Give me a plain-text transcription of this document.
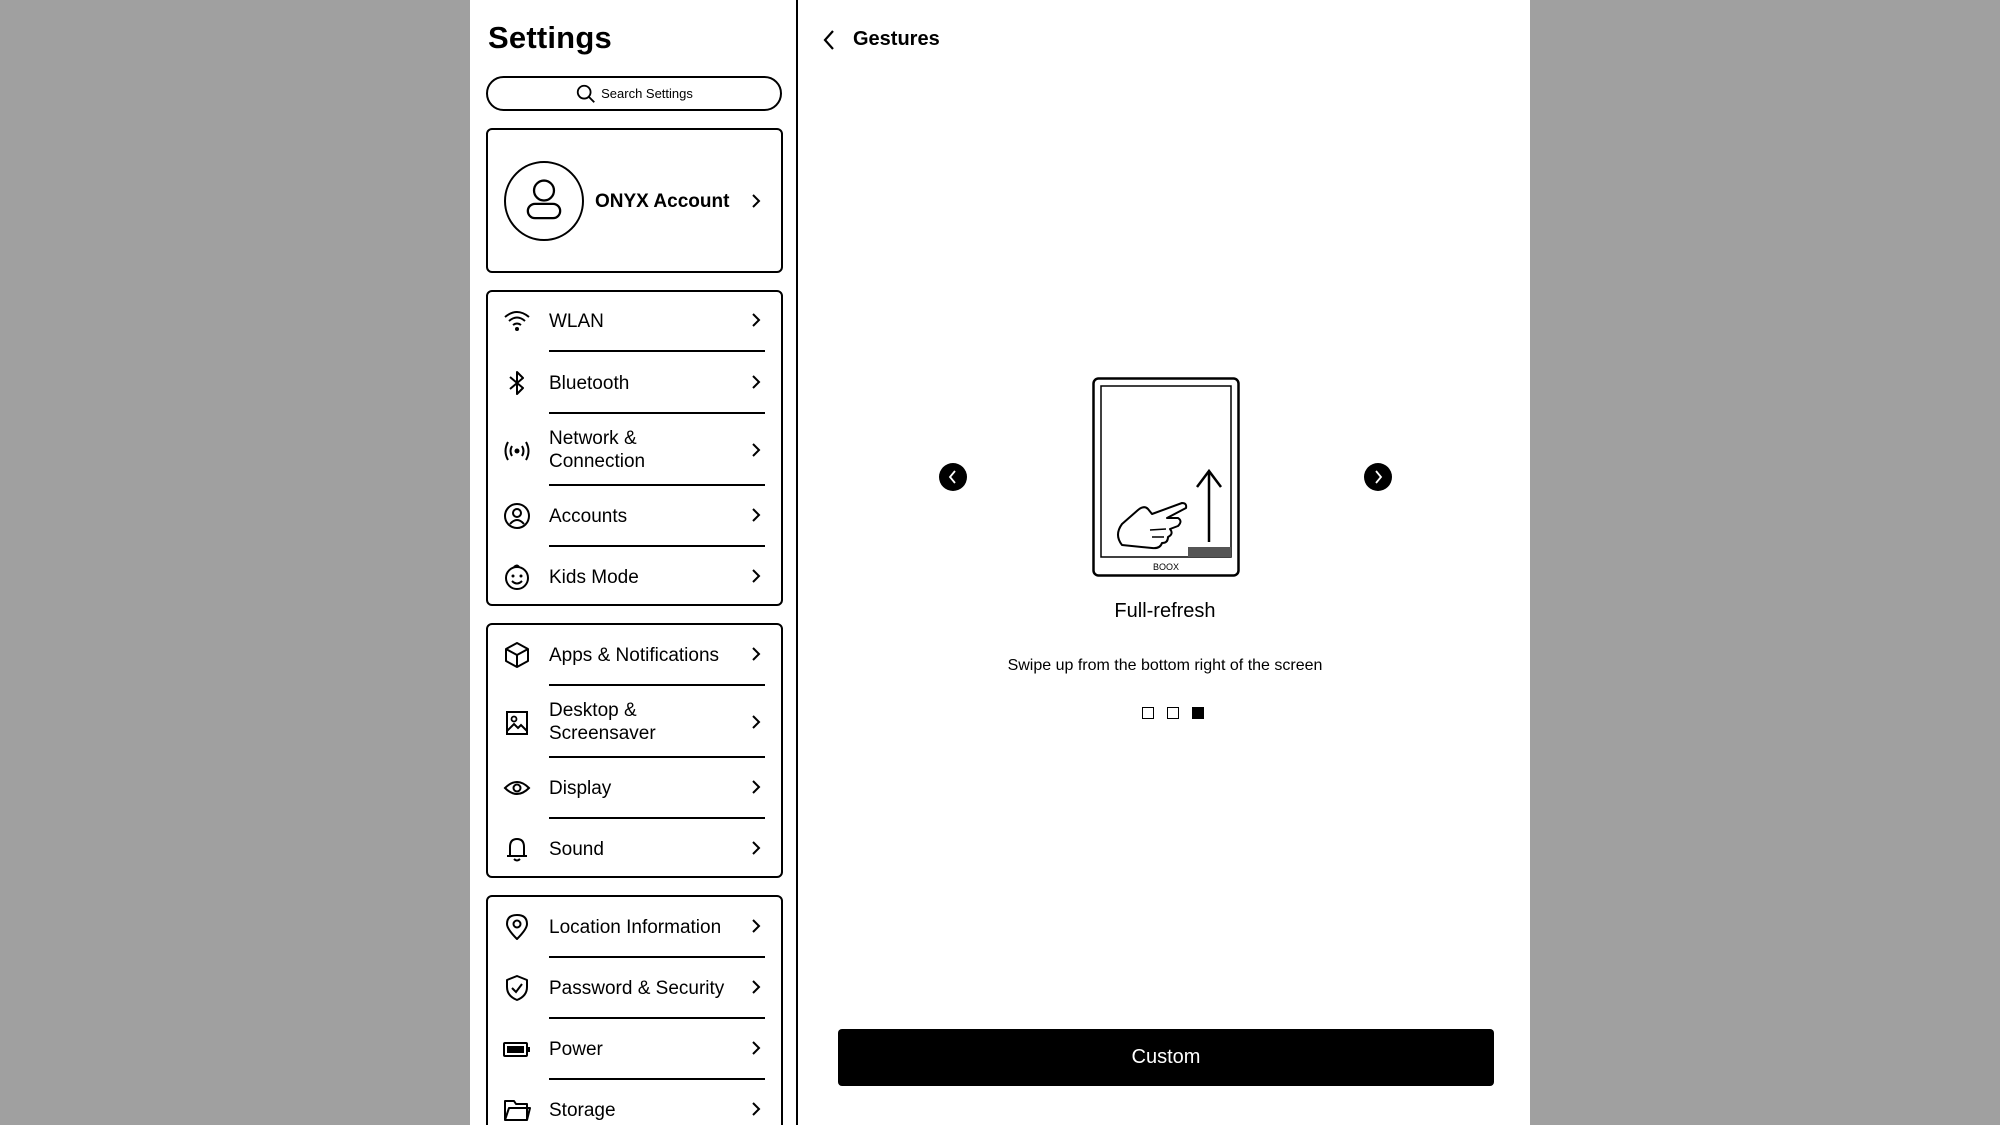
Settings
Search Settings
ONYX Account
WLAN
Bluetooth
Network & Connection
Accounts
Kids Mode
Apps & Notifications
Desktop & Screensaver
Display
Sound
Location Information
Password & Security
Power
Storage
Gestures
BOOX
Full-refresh
Swipe up from the bottom right of the screen
Custom
